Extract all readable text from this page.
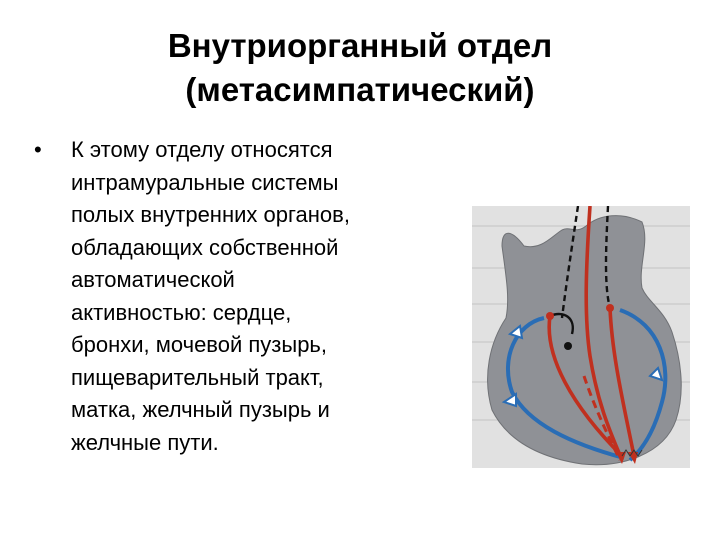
Внутриорганный отдел
(метасимпатический)
• К этому отделу относятся
интрамуральные системы
полых внутренних органов,
обладающих собственной
автоматической
активностью: сердце,
бронхи, мочевой пузырь,
пищеварительный тракт,
матка, желчный пузырь и
желчные пути.
